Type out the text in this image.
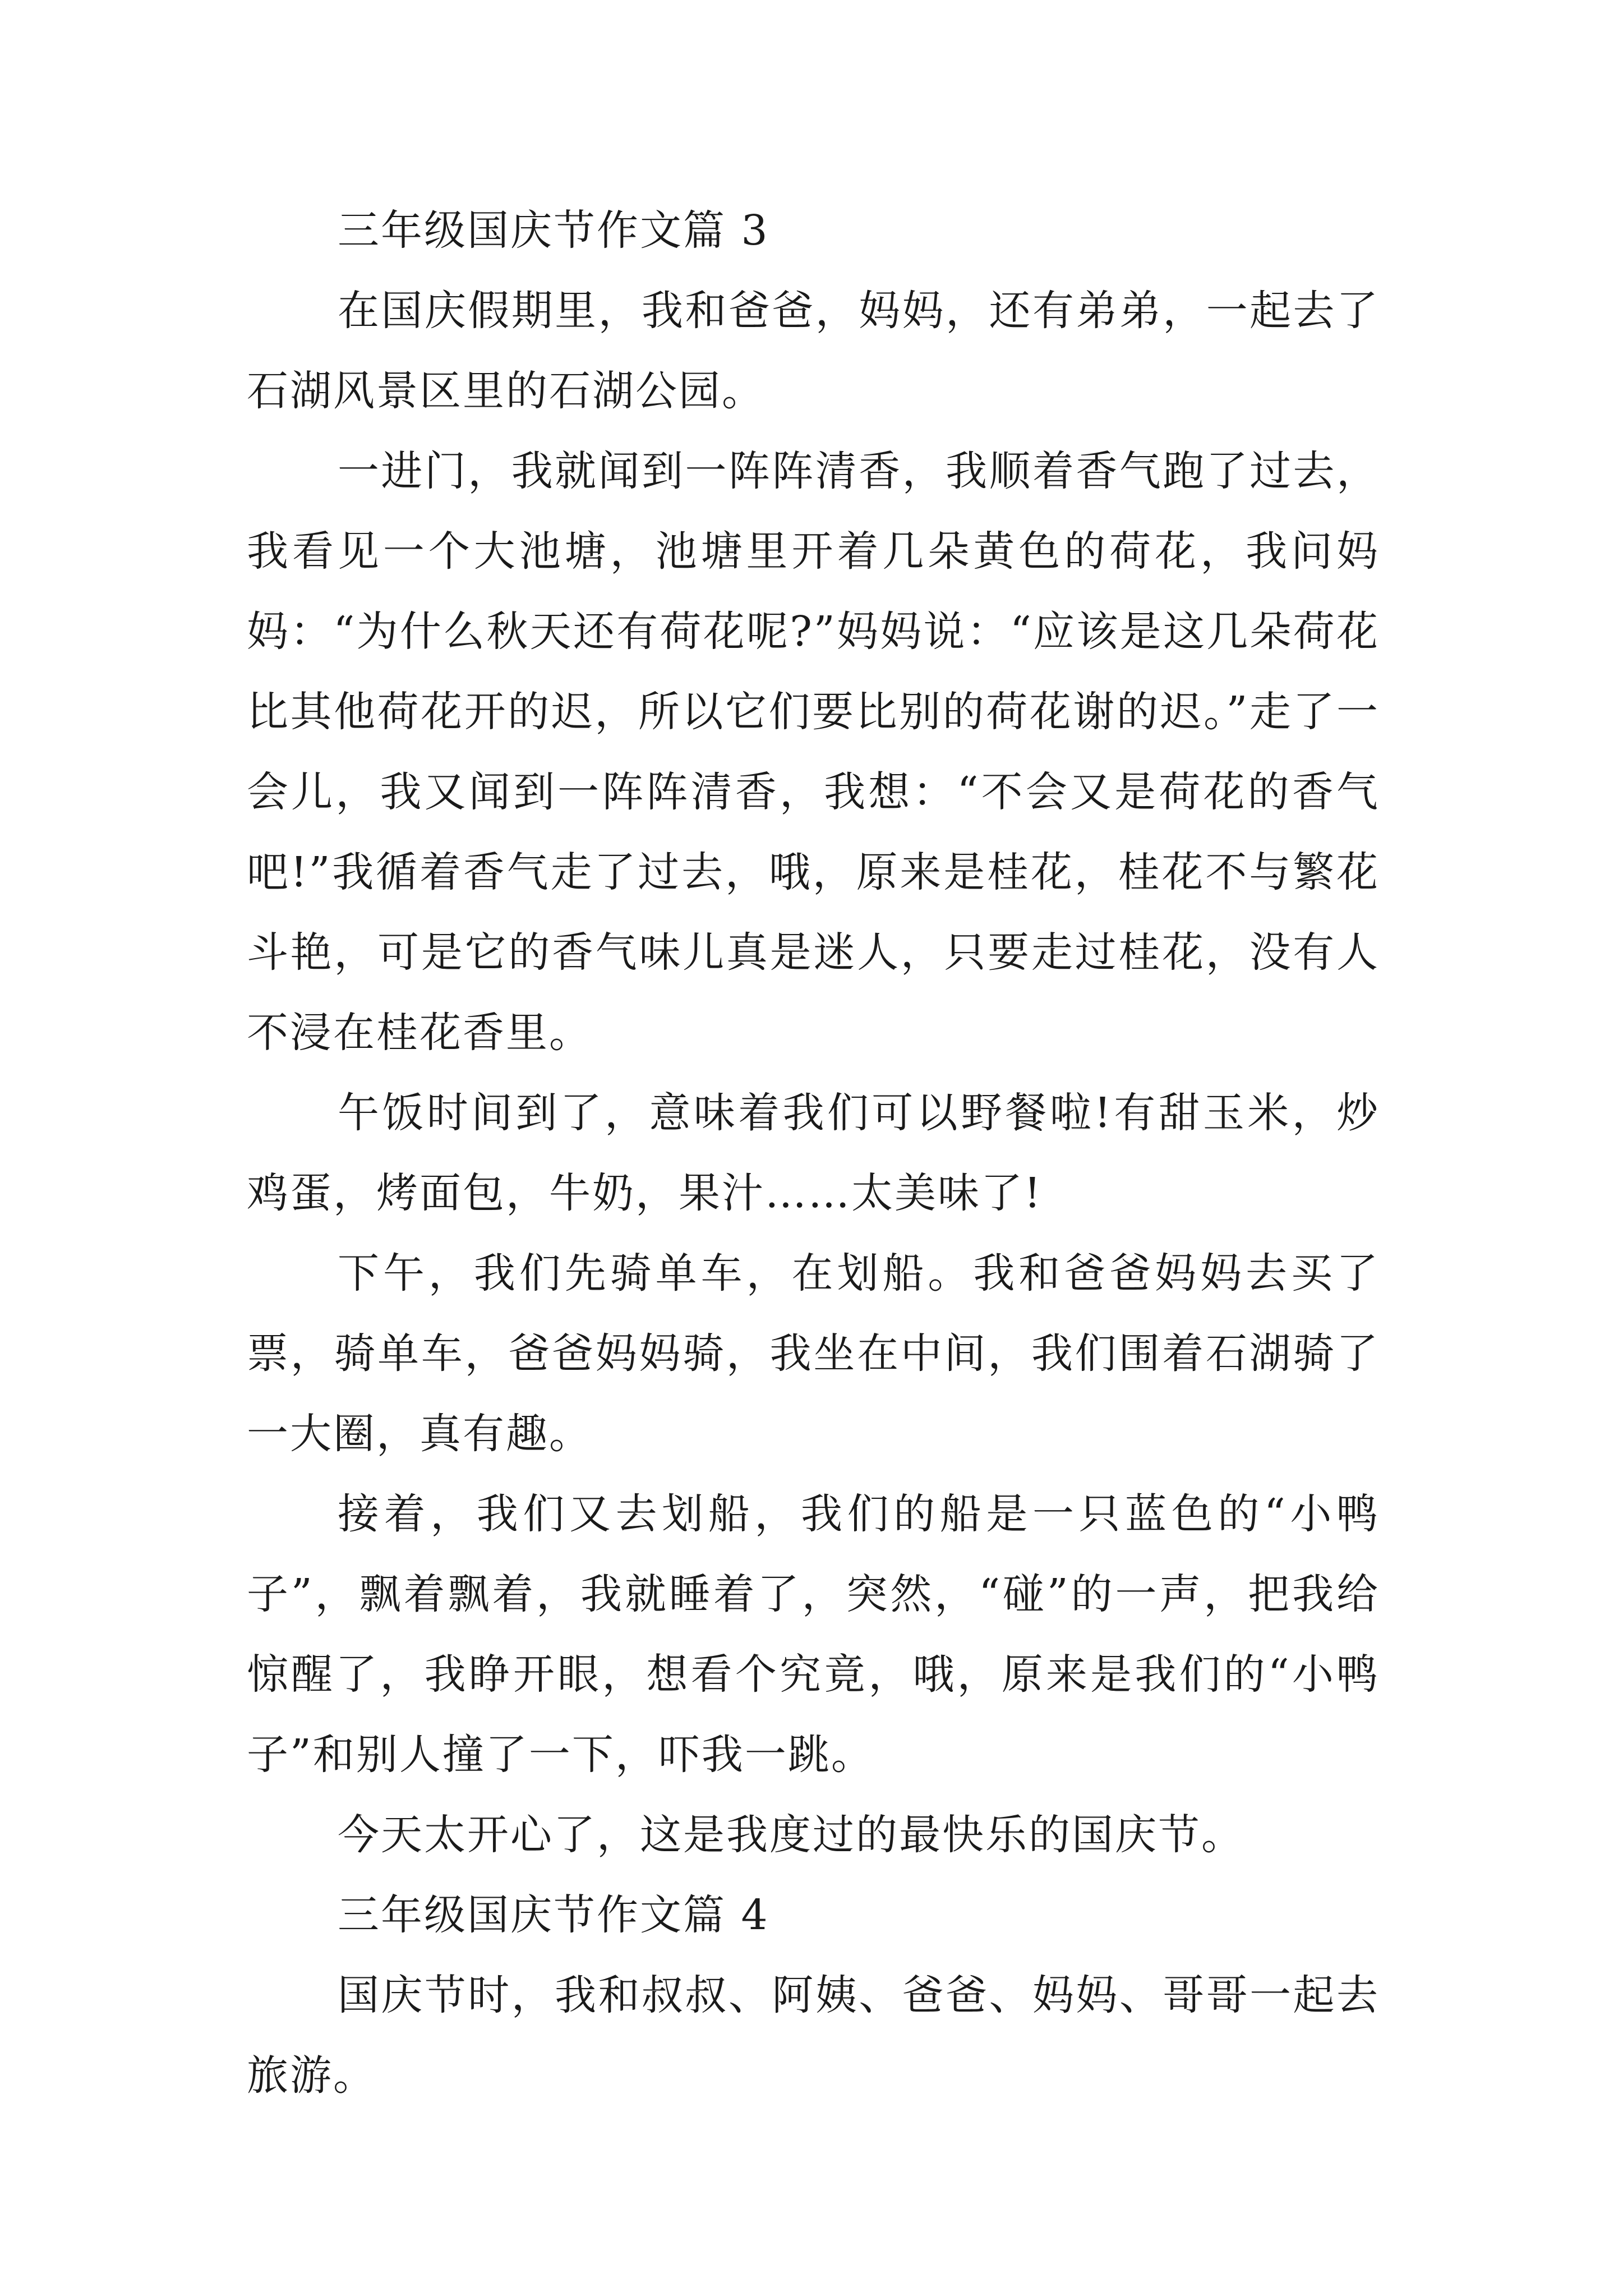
三年级国庆节作文篇 3

在国庆假期里，我和爸爸，妈妈，还有弟弟，一起去了石湖风景区里的石湖公园。

一进门，我就闻到一阵阵清香，我顺着香气跑了过去，我看见一个大池塘，池塘里开着几朵黄色的荷花，我问妈妈：“为什么秋天还有荷花呢?”妈妈说：“应该是这几朵荷花比其他荷花开的迟，所以它们要比别的荷花谢的迟。”走了一会儿，我又闻到一阵阵清香，我想：“不会又是荷花的香气吧!”我循着香气走了过去，哦，原来是桂花，桂花不与繁花斗艳，可是它的香气味儿真是迷人，只要走过桂花，没有人不浸在桂花香里。

午饭时间到了，意味着我们可以野餐啦!有甜玉米，炒鸡蛋，烤面包，牛奶，果汁……太美味了!

下午，我们先骑单车，在划船。我和爸爸妈妈去买了票，骑单车，爸爸妈妈骑，我坐在中间，我们围着石湖骑了一大圈，真有趣。

接着，我们又去划船，我们的船是一只蓝色的“小鸭子”，飘着飘着，我就睡着了，突然，“碰”的一声，把我给惊醒了，我睁开眼，想看个究竟，哦，原来是我们的“小鸭子”和别人撞了一下，吓我一跳。

今天太开心了，这是我度过的最快乐的国庆节。

三年级国庆节作文篇 4

国庆节时，我和叔叔、阿姨、爸爸、妈妈、哥哥一起去旅游。
